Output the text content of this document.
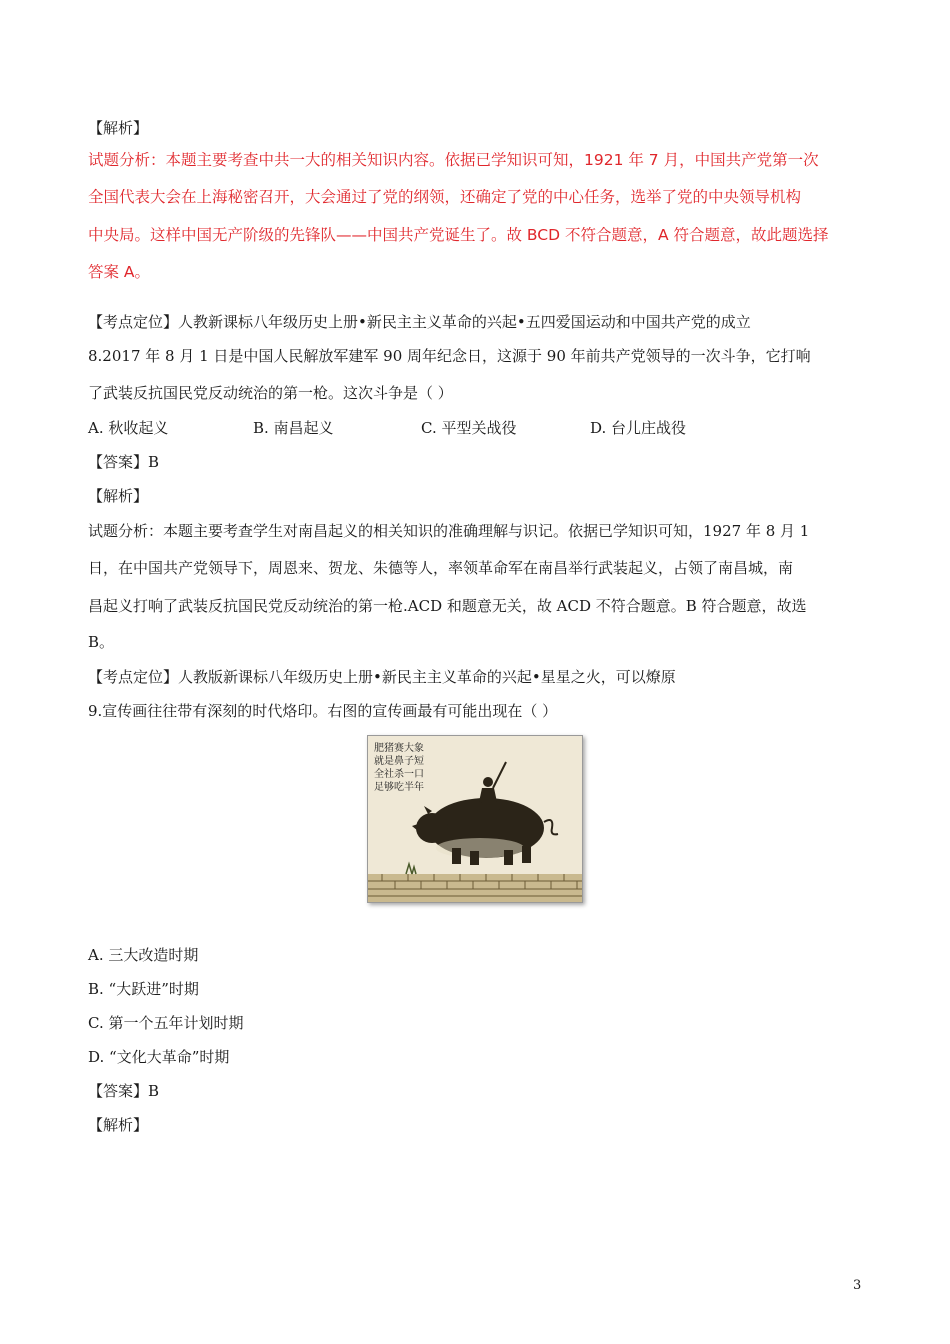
【解析】
试题分析：本题主要考查中共一大的相关知识内容。依据已学知识可知，1921 年 7 月，中国共产党第一次
全国代表大会在上海秘密召开，大会通过了党的纲领，还确定了党的中心任务，选举了党的中央领导机构
中央局。这样中国无产阶级的先锋队——中国共产党诞生了。故 BCD 不符合题意，A 符合题意，故此题选择
答案 A。
【考点定位】人教新课标八年级历史上册•新民主主义革命的兴起•五四爱国运动和中国共产党的成立
8.2017 年 8 月 1 日是中国人民解放军建军 90 周年纪念日，这源于 90 年前共产党领导的一次斗争，它打响
了武装反抗国民党反动统治的第一枪。这次斗争是（ ）
A. 秋收起义	B. 南昌起义	C. 平型关战役	D. 台儿庄战役
【答案】B
【解析】
试题分析：本题主要考查学生对南昌起义的相关知识的准确理解与识记。依据已学知识可知，1927 年 8 月 1
日，在中国共产党领导下，周恩来、贺龙、朱德等人，率领革命军在南昌举行武装起义，占领了南昌城，南
昌起义打响了武装反抗国民党反动统治的第一枪.ACD 和题意无关，故 ACD 不符合题意。B 符合题意，故选
B。
【考点定位】人教版新课标八年级历史上册•新民主主义革命的兴起•星星之火，可以燎原
9.宣传画往往带有深刻的时代烙印。右图的宣传画最有可能出现在（ ）
肥猪赛大象
就是鼻子短
全社杀一口
足够吃半年
A. 三大改造时期
B. “大跃进”时期
C. 第一个五年计划时期
D. “文化大革命”时期
【答案】B
【解析】
3
